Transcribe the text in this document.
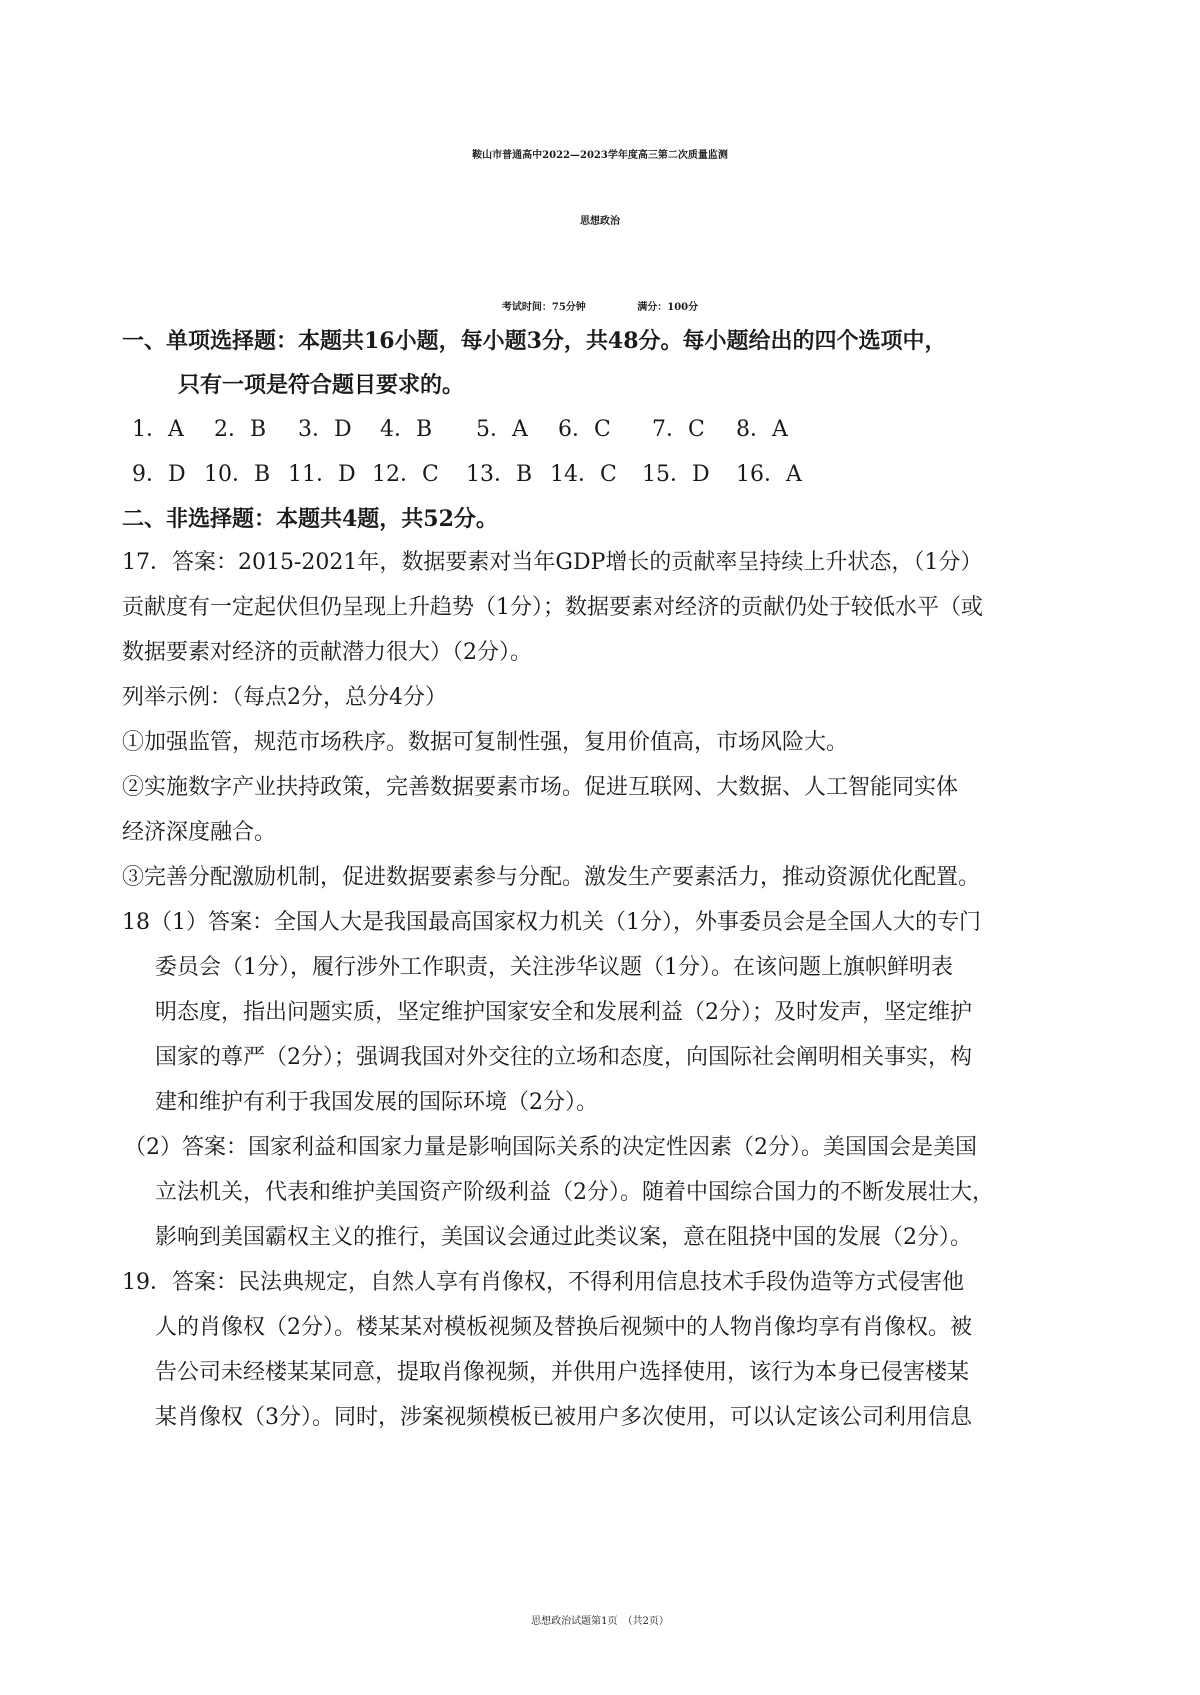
鞍山市普通高中2022—2023学年度高三第二次质量监测
思想政治
考试时间：75分钟	满分：100分
一、单项选择题：本题共16小题，每小题3分，共48分。每小题给出的四个选项中，
只有一项是符合题目要求的。
1．A 2．B 3．D 4．B 5．A 6．C 7．C 8．A
9．D 10．B 11．D 12．C 13．B 14．C 15．D 16．A
二、非选择题：本题共4题，共52分。
17．答案：2015-2021年，数据要素对当年GDP增长的贡献率呈持续上升状态，（1分）
贡献度有一定起伏但仍呈现上升趋势（1分）；数据要素对经济的贡献仍处于较低水平（或
数据要素对经济的贡献潜力很大）（2分）。
列举示例：（每点2分，总分4分）
①加强监管，规范市场秩序。数据可复制性强，复用价值高，市场风险大。
②实施数字产业扶持政策，完善数据要素市场。促进互联网、大数据、人工智能同实体
经济深度融合。
③完善分配激励机制，促进数据要素参与分配。激发生产要素活力，推动资源优化配置。
18（1）答案：全国人大是我国最高国家权力机关（1分），外事委员会是全国人大的专门
委员会（1分），履行涉外工作职责，关注涉华议题（1分）。在该问题上旗帜鲜明表
明态度，指出问题实质，坚定维护国家安全和发展利益（2分）；及时发声，坚定维护
国家的尊严（2分）；强调我国对外交往的立场和态度，向国际社会阐明相关事实，构
建和维护有利于我国发展的国际环境（2分）。
（2）答案：国家利益和国家力量是影响国际关系的决定性因素（2分）。美国国会是美国
立法机关，代表和维护美国资产阶级利益（2分）。随着中国综合国力的不断发展壮大，
影响到美国霸权主义的推行，美国议会通过此类议案，意在阻挠中国的发展（2分）。
19．答案：民法典规定，自然人享有肖像权，不得利用信息技术手段伪造等方式侵害他
人的肖像权（2分）。楼某某对模板视频及替换后视频中的人物肖像均享有肖像权。被
告公司未经楼某某同意，提取肖像视频，并供用户选择使用，该行为本身已侵害楼某
某肖像权（3分）。同时，涉案视频模板已被用户多次使用，可以认定该公司利用信息
思想政治试题第1页　（共2页）
